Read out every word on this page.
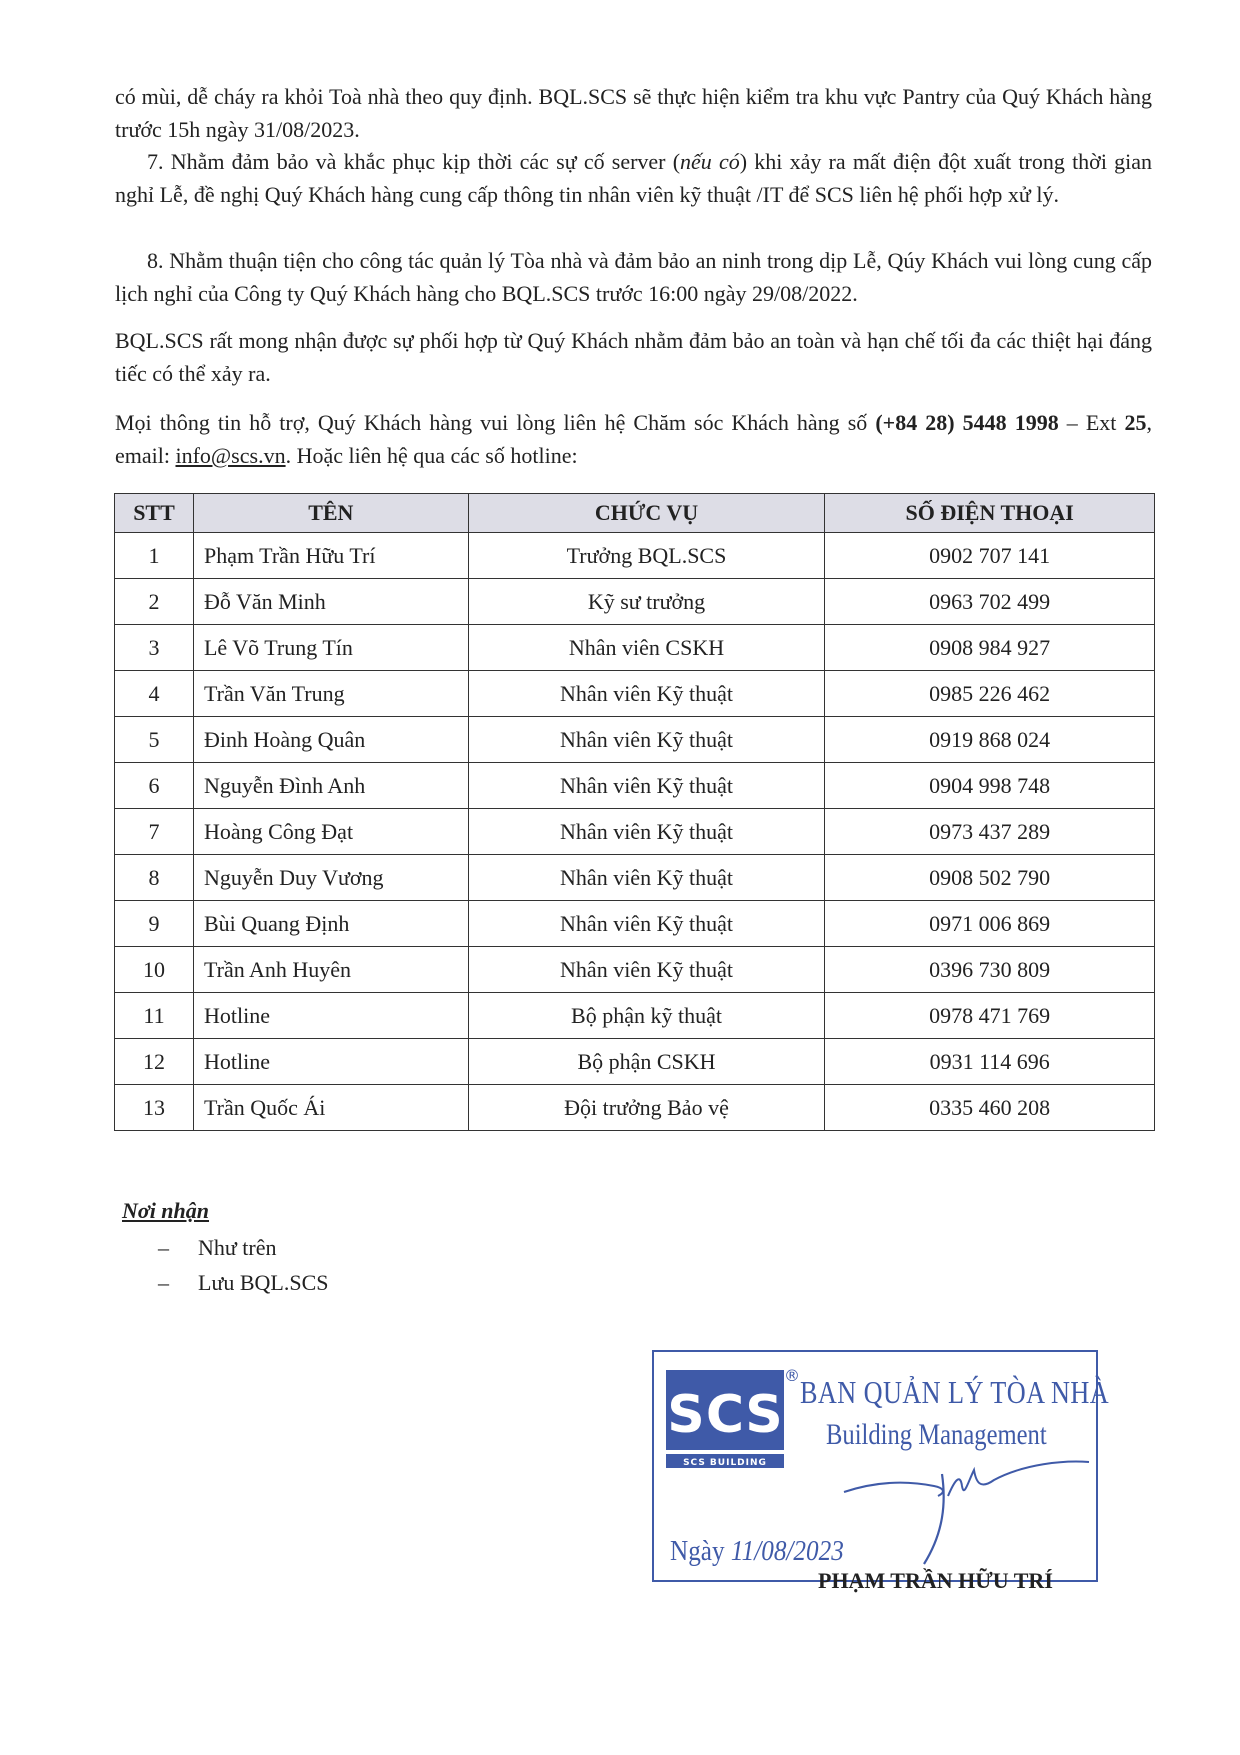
có mùi, dễ cháy ra khỏi Toà nhà theo quy định. BQL.SCS sẽ thực hiện kiểm tra khu vực Pantry của Quý Khách hàng trước 15h ngày 31/08/2023.

7. Nhằm đảm bảo và khắc phục kịp thời các sự cố server (nếu có) khi xảy ra mất điện đột xuất trong thời gian nghỉ Lễ, đề nghị Quý Khách hàng cung cấp thông tin nhân viên kỹ thuật /IT để SCS liên hệ phối hợp xử lý.

8. Nhằm thuận tiện cho công tác quản lý Tòa nhà và đảm bảo an ninh trong dịp Lễ, Qúy Khách vui lòng cung cấp lịch nghỉ của Công ty Quý Khách hàng cho BQL.SCS trước 16:00 ngày 29/08/2022.

BQL.SCS rất mong nhận được sự phối hợp từ Quý Khách nhằm đảm bảo an toàn và hạn chế tối đa các thiệt hại đáng tiếc có thể xảy ra.

Mọi thông tin hỗ trợ, Quý Khách hàng vui lòng liên hệ Chăm sóc Khách hàng số (+84 28) 5448 1998 – Ext 25, email: info@scs.vn. Hoặc liên hệ qua các số hotline:

STT	TÊN	CHỨC VỤ	SỐ ĐIỆN THOẠI
1	Phạm Trần Hữu Trí	Trưởng BQL.SCS	0902 707 141
2	Đỗ Văn Minh	Kỹ sư trưởng	0963 702 499
3	Lê Võ Trung Tín	Nhân viên CSKH	0908 984 927
4	Trần Văn Trung	Nhân viên Kỹ thuật	0985 226 462
5	Đinh Hoàng Quân	Nhân viên Kỹ thuật	0919 868 024
6	Nguyễn Đình Anh	Nhân viên Kỹ thuật	0904 998 748
7	Hoàng Công Đạt	Nhân viên Kỹ thuật	0973 437 289
8	Nguyễn Duy Vương	Nhân viên Kỹ thuật	0908 502 790
9	Bùi Quang Định	Nhân viên Kỹ thuật	0971 006 869
10	Trần Anh Huyên	Nhân viên Kỹ thuật	0396 730 809
11	Hotline	Bộ phận kỹ thuật	0978 471 769
12	Hotline	Bộ phận CSKH	0931 114 696
13	Trần Quốc Ái	Đội trưởng Bảo vệ	0335 460 208
Nơi nhận
– Như trên
– Lưu BQL.SCS
S C S
SCS BUILDING
® BAN QUẢN LÝ TÒA NHÀ
Building Management
Ngày 11/08/2023
PHẠM TRẦN HỮU TRÍ
